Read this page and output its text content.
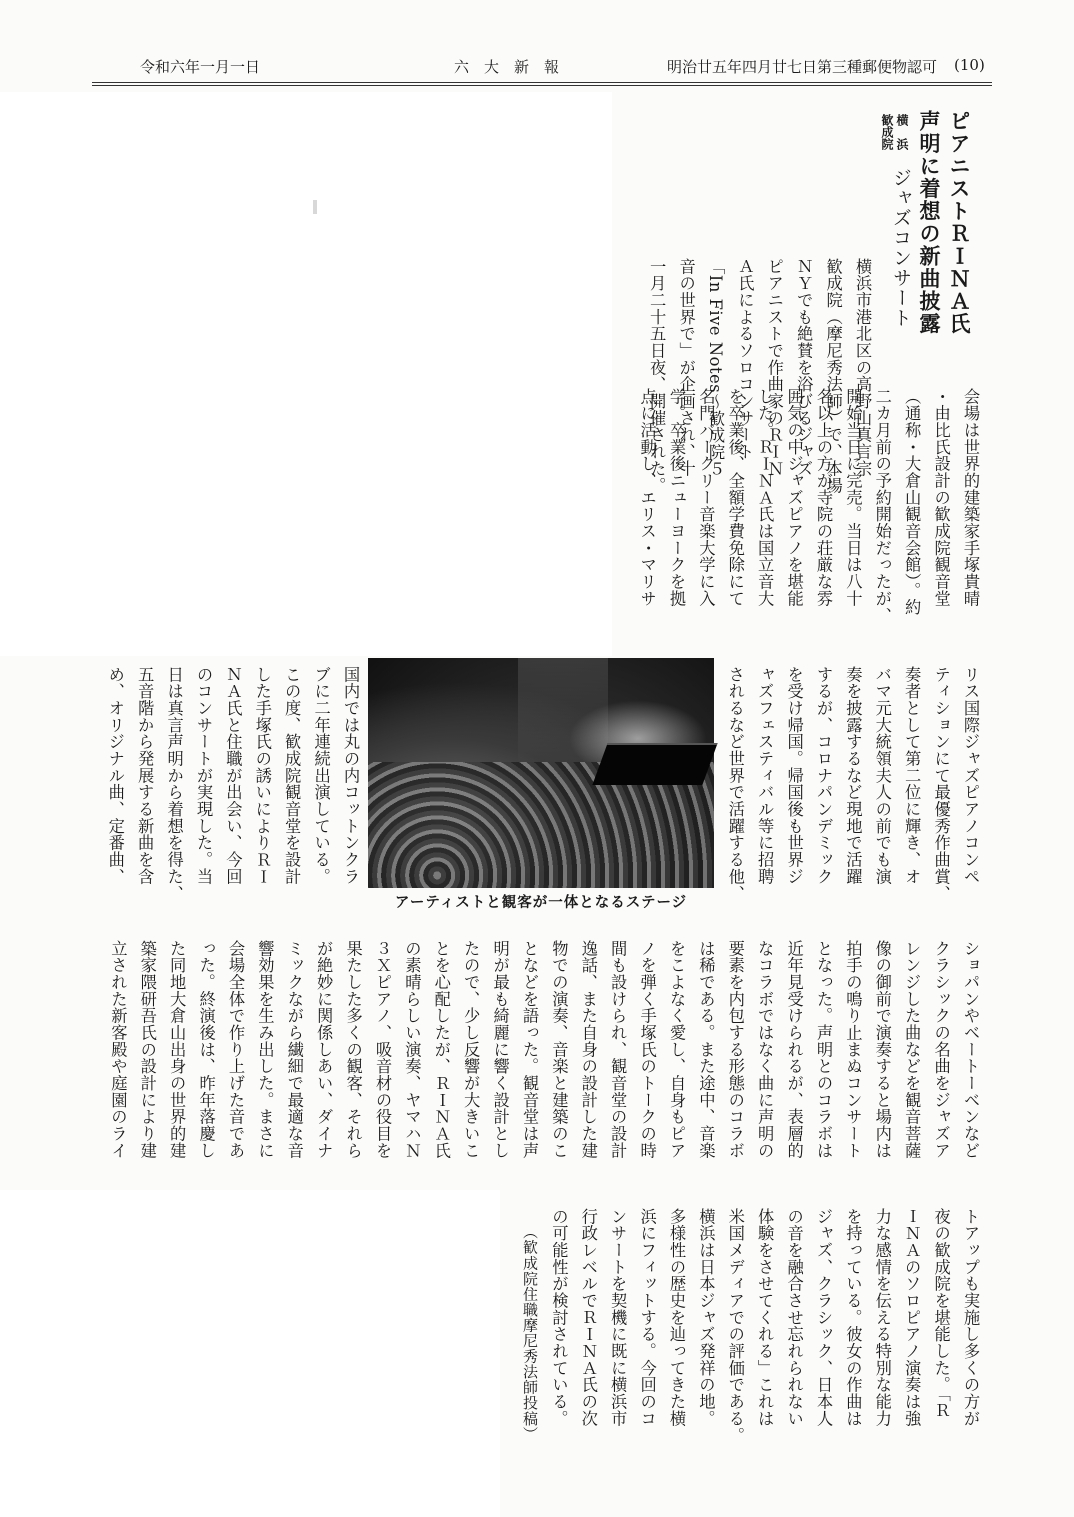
令和六年一月一日	六　大　新　報	明治廿五年四月廿七日第三種郵便物認可 (10)
ピアニストＲＩＮＡ氏
声明に着想の新曲披露
横　浜
歓成院
ジャズコンサート
横浜市港北区の高野山真言宗
歓成院（摩尼秀法師）で、本場
ＮＹでも絶賛を浴びるジャズ
ピアニストで作曲家のＲＩＮ
Ａ氏によるソロコンサート
「In Five Notes～歓成院５
音の世界で」が企画され、十
一月二十五日夜、開催された。
会場は世界的建築家手塚貴晴
・由比氏設計の歓成院観音堂
（通称・大倉山観音会館）。約
二カ月前の予約開始だったが、
開始当日に完売。当日は八十
名以上の方が寺院の荘厳な雰
囲気の中ジャズピアノを堪能
した。ＲＩＮＡ氏は国立音大
を卒業後、全額学費免除にて
名門バークリー音楽大学に入
学。卒業後ニューヨークを拠
点に活動し、エリス・マリサ
リス国際ジャズピアノコンペ
ティションにて最優秀作曲賞、
奏者として第二位に輝き、オ
バマ元大統領夫人の前でも演
奏を披露するなど現地で活躍
するが、コロナパンデミック
を受け帰国。帰国後も世界ジ
ャズフェスティバル等に招聘
されるなど世界で活躍する他、
国内では丸の内コットンクラ
ブに二年連続出演している。
この度、歓成院観音堂を設計
した手塚氏の誘いによりＲＩ
ＮＡ氏と住職が出会い、今回
のコンサートが実現した。当
日は真言声明から着想を得た、
五音階から発展する新曲を含
め、オリジナル曲、定番曲、
ショパンやベートーベンなど
クラシックの名曲をジャズア
レンジした曲などを観音菩薩
像の御前で演奏すると場内は
拍手の鳴り止まぬコンサート
となった。声明とのコラボは
近年見受けられるが、表層的
なコラボではなく曲に声明の
要素を内包する形態のコラボ
は稀である。また途中、音楽
をこよなく愛し、自身もピア
ノを弾く手塚氏のトークの時
間も設けられ、観音堂の設計
逸話、また自身の設計した建
物での演奏、音楽と建築のこ
となどを語った。観音堂は声
明が最も綺麗に響く設計とし
たので、少し反響が大きいこ
とを心配したが、ＲＩＮＡ氏
の素晴らしい演奏、ヤマハＮ
３Ｘピアノ、吸音材の役目を
果たした多くの観客、それら
が絶妙に関係しあい、ダイナ
ミックながら繊細で最適な音
響効果を生み出した。まさに
会場全体で作り上げた音であ
った。終演後は、昨年落慶し
た同地大倉山出身の世界的建
築家隈研吾氏の設計により建
立された新客殿や庭園のライ
トアップも実施し多くの方が
夜の歓成院を堪能した。「Ｒ
ＩＮＡのソロピアノ演奏は強
力な感情を伝える特別な能力
を持っている。彼女の作曲は
ジャズ、クラシック、日本人
の音を融合させ忘れられない
体験をさせてくれる」これは
米国メディアでの評価である。
横浜は日本ジャズ発祥の地。
多様性の歴史を辿ってきた横
浜にフィットする。今回のコ
ンサートを契機に既に横浜市
行政レベルでＲＩＮＡ氏の次
の可能性が検討されている。
（歓成院住職摩尼秀法師投稿）
アーティストと観客が一体となるステージ
